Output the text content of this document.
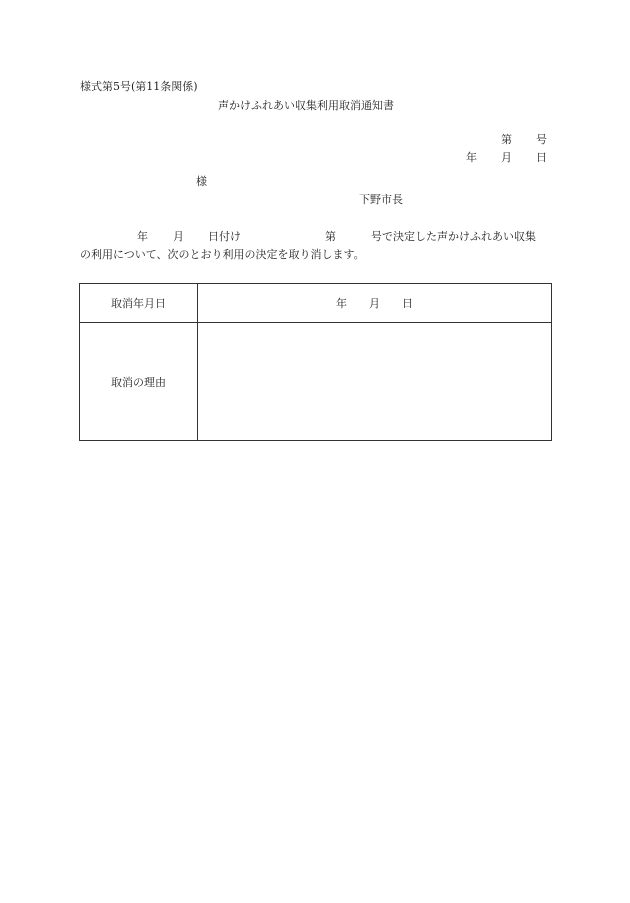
様式第5号(第11条関係)
声かけふれあい収集利用取消通知書

第 号

年 月 日

様
下野市長

年

月

日付け

	第

	号で決定した声かけふれあい収集

の利用について、次のとおり利用の決定を取り消します。
取消年月日	年　　月　　日
取消の理由	
